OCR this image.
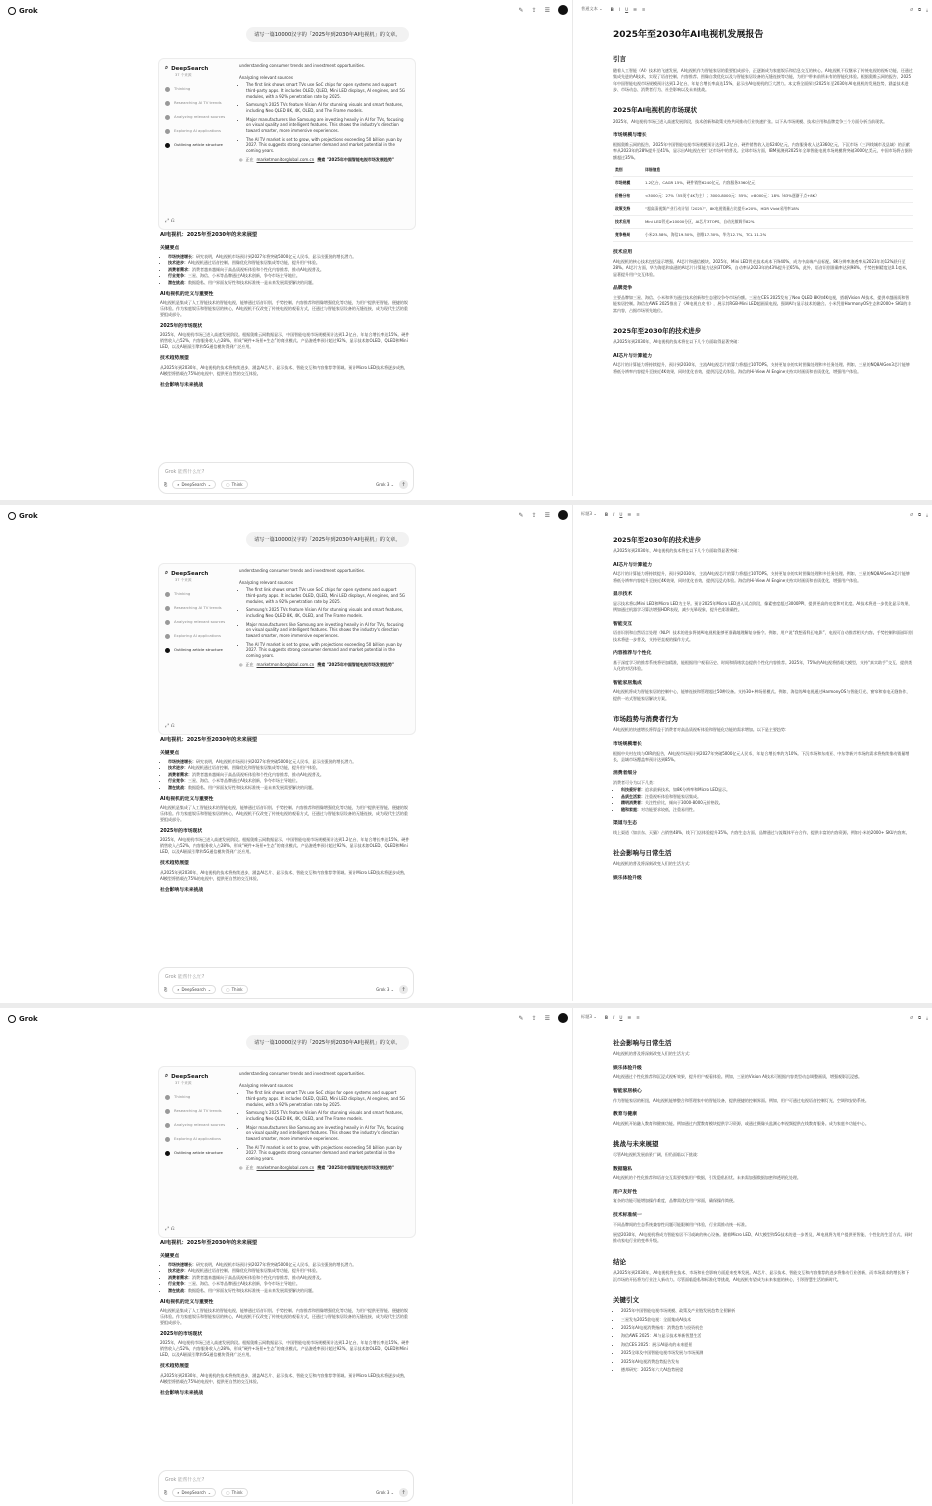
Grok	✎ ⇪ ☰
请写一篇10000汉字的「2025年到2030年AI电视机」的文章。
⌕ DeepSearch
37 个来源
Thinking
Researching AI TV trends
Analyzing relevant sources
Exploring AI applications
Outlining article structure
⤢ ⎌
understanding consumer trends and investment opportunities.
Analyzing relevant sources
• The first link shows smart TVs use SoC chips for open systems and support third-party apps. It includes OLED, QLED, Mini LED displays, AI engines, and 5G modules, with a 92% penetration rate by 2025.
• Samsung's 2025 TVs feature Vision AI for stunning visuals and smart features, including Neo QLED 8K, 4K, OLED, and The Frame models.
• Major manufacturers like Samsung are investing heavily in AI for TVs, focusing on visual quality and intelligent features. This shows the industry's direction toward smarter, more immersive experiences.
• The AI TV market is set to grow, with projections exceeding 50 billion yuan by 2027. This suggests strong consumer demand and market potential in the coming years.
◎ 正在 marketmonitorglobal.com.cn 搜索 "2025年中国智能电视市场发展趋势"
AI电视机：2025年至2030年的未来展望
关键要点
• 市场快速增长：研究表明，AI电视机市场预计到2027年将突破5000亿元人民币，显示出强劲的增长潜力。
• 技术进步：AI电视机通过语音控制、图像优化和智能家居集成等功能，提升用户体验。
• 消费者需求：消费者越来越倾向于高品质视听体验和个性化内容推荐，推动AI电视普及。
• 行业竞争：三星、海信、小米等品牌通过AI技术创新，争夺市场主导地位。
• 潜在挑战：数据隐私、用户界面友好性和技术标准统一是未来发展需要解决的问题。
AI电视机的定义与重要性

AI电视机是集成了人工智能技术的智能电视，能够通过语音识别、手势控制、内容推荐和图像增强优化等功能，为用户提供更智能、便捷的娱乐体验。作为家庭娱乐和智能家居的核心，AI电视机不仅改变了传统电视的观看方式，还通过与智能家居设备的无缝连接，成为现代生活的重要组成部分。

2025年的市场现状

2025年，AI电视机市场已进入高速发展阶段。根据奥维云网数据显示，中国智能电视市场规模预计达到1.2亿台，年复合增长率达15%。硬件销售收入占52%，内容服务收入占28%，形成“硬件+场景+生态”的商业模式。产品渗透率预计超过92%，显示技术如OLED、QLED和Mini LED，以及AI画质引擎和5G通信模块得到广泛应用。

技术趋势展望

从2025年到2030年，AI电视机的技术将持续进步，涵盖AI芯片、显示技术、智能交互和内容推荐等领域。预计Micro LED技术将逐步成熟，AI模型将搭载在75%的电视中，提供更自然的交互体验。

社会影响与未来挑战
Grok 能帮什么忙?
⎘	⌕ DeepSearch ⌄	◌ Think	Grok 3 ⌄	↑
普通文本 ⌄	B I U ☰ ≡	↺ ⧉ ⤓
2025年至2030年AI电视机发展报告
引言

随着人工智能（AI）技术的飞速发展，AI电视机作为智能家居的重要组成部分，正逐渐成为家庭娱乐和信息交互的核心。AI电视机不仅继承了传统电视的视听功能，还通过集成先进的AI技术，实现了语音控制、内容推荐、图像自我优化以及与智能家居设备的无缝连接等功能，为用户带来前所未有的智能化体验。根据奥维云网的报告，2025年中国智能电视市场规模预计达到1.2亿台，年复合增长率高达15%，显示出AI电视机的巨大潜力。本文将全面探讨2025年至2030年AI电视机的发展趋势，涵盖技术进步、市场动态、消费者行为、社会影响以及未来挑战。

2025年AI电视机的市场现状

2025年，AI电视机市场已进入高速发展阶段，技术创新和政策支持共同推动行业快速扩张。以下从市场规模、技术应用和品牌竞争三个方面分析当前现状。

市场规模与增长

根据奥维云网的报告，2025年中国智能电视市场规模预计达到1.2亿台，硬件销售收入达6240亿元，内容服务收入达3360亿元，下沉市场（三四线城市及县域）的贡献率从2023年的28%提升至41%，显示出AI电视在更广泛市场中的普及。全球市场方面，IBM预测到2025年全球智能电视市场规模将突破3000亿美元，中国市场将占据份额超过35%。

类别	详细信息
市场规模	1.2亿台，CAGR 15%，硬件销售6240亿元，内容服务3360亿元
价格分布	<3000元：27%（55英寸4K为主）；3000-8000元：55%；>8000元：18%（63%逐渐于点+8K）
政策支持	“超高清视频产业行动计划（2025）”，8K电视销量占比提升≥20%，HDR Vivid采用率18%
技术应用	Mini LED背光≥10000分区，AI芯片3TOPS，自动光敏调节82%
竞争格局	小米23.58%，海信19.50%，创维17.30%，华为12.7%，TCL 11.2%
技术应用

AI电视机的核心技术包括显示增强、AI芯片和通信模块。2025年，Mini LED背光技术成本下降40%，成为中高端产品标配。8K分辨率渗透率从2023年的12%跃升至28%。AI芯片方面，华为海思和高通的AI芯片计算能力达到3TOPS，自动率从2023年的43%提升至65%。此外，语音识别准确率达到98%，手势控制精度达0.1毫米，显著提升用户交互体验。

品牌竞争

主要品牌如三星、海信、小米和华为通过技术创新和生态建设争夺市场份额。三星在CES 2025发布了Neo QLED 8K和4K电视，搭载Vision AI技术，提供卓越画质和智能家居控制。海信在AWE 2025推出了《AI电视白皮书》，展示其RGB-Mini LED超画质电视。强调AI与显示技术的融合。小米凭借HarmonyOS生态和2000+ SKU的丰富内容，占据市场领先地位。

2025年至2030年的技术进步

从2025年到2030年，AI电视机的技术将在以下几个方面取得显著突破：

AI芯片与计算能力

AI芯片的计算能力将持续提升，预计到2030年，主流AI电视芯片的算力将超过10TOPS。支持更复杂的实时图像处理和多任务处理。例如，三星的NQ8AIGen3芯片能够将低分辨率内容提升至接近4K效果，同时优化音效，提供沉浸式体验。海信的Hi-View AI Engine支持实时画质和音质优化，增强用户体验。

Grok	✎ ⇪ ☰
请写一篇10000汉字的「2025年到2030年AI电视机」的文章。
⌕ DeepSearch
37 个来源
Thinking
Researching AI TV trends
Analyzing relevant sources
Exploring AI applications
Outlining article structure
⤢ ⎌
understanding consumer trends and investment opportunities.
Analyzing relevant sources
• The first link shows smart TVs use SoC chips for open systems and support third-party apps. It includes OLED, QLED, Mini LED displays, AI engines, and 5G modules, with a 92% penetration rate by 2025.
• Samsung's 2025 TVs feature Vision AI for stunning visuals and smart features, including Neo QLED 8K, 4K, OLED, and The Frame models.
• Major manufacturers like Samsung are investing heavily in AI for TVs, focusing on visual quality and intelligent features. This shows the industry's direction toward smarter, more immersive experiences.
• The AI TV market is set to grow, with projections exceeding 50 billion yuan by 2027. This suggests strong consumer demand and market potential in the coming years.
◎ 正在 marketmonitorglobal.com.cn 搜索 "2025年中国智能电视市场发展趋势"
AI电视机：2025年至2030年的未来展望
关键要点
• 市场快速增长：研究表明，AI电视机市场预计到2027年将突破5000亿元人民币，显示出强劲的增长潜力。
• 技术进步：AI电视机通过语音控制、图像优化和智能家居集成等功能，提升用户体验。
• 消费者需求：消费者越来越倾向于高品质视听体验和个性化内容推荐，推动AI电视普及。
• 行业竞争：三星、海信、小米等品牌通过AI技术创新，争夺市场主导地位。
• 潜在挑战：数据隐私、用户界面友好性和技术标准统一是未来发展需要解决的问题。
AI电视机的定义与重要性

AI电视机是集成了人工智能技术的智能电视，能够通过语音识别、手势控制、内容推荐和图像增强优化等功能，为用户提供更智能、便捷的娱乐体验。作为家庭娱乐和智能家居的核心，AI电视机不仅改变了传统电视的观看方式，还通过与智能家居设备的无缝连接，成为现代生活的重要组成部分。

2025年的市场现状

2025年，AI电视机市场已进入高速发展阶段。根据奥维云网数据显示，中国智能电视市场规模预计达到1.2亿台，年复合增长率达15%。硬件销售收入占52%，内容服务收入占28%，形成“硬件+场景+生态”的商业模式。产品渗透率预计超过92%，显示技术如OLED、QLED和Mini LED，以及AI画质引擎和5G通信模块得到广泛应用。

技术趋势展望

从2025年到2030年，AI电视机的技术将持续进步，涵盖AI芯片、显示技术、智能交互和内容推荐等领域。预计Micro LED技术将逐步成熟，AI模型将搭载在75%的电视中，提供更自然的交互体验。

社会影响与未来挑战
Grok 能帮什么忙?
⎘	⌕ DeepSearch ⌄	◌ Think	Grok 3 ⌄	↑
标题3 ⌄	B I U ☰ ≡	↺ ⧉ ⤓
2025年至2030年的技术进步

从2025年到2030年，AI电视机的技术将在以下几个方面取得显著突破：

AI芯片与计算能力

AI芯片的计算能力将持续提升，预计到2030年，主流AI电视芯片的算力将超过10TOPS。支持更复杂的实时图像处理和多任务处理。例如，三星的NQ8AIGen3芯片能够将低分辨率内容提升至接近4K效果，同时优化音效，提供沉浸式体验。海信的Hi-View AI Engine支持实时画质和音质优化，增强用户体验。

显示技术

显示技术将以Mini LED和Micro LED为主导。预计2025年Micro LED进入试点阶段，像素密度超过3000PPI，提供更高的亮度和对比度。AI技术将进一步优化显示效果，例如通过机器学习算法增强HDR表现，减少光晕现象，提升色彩准确性。

智能交互

语音识别和自然语言处理（NLP）技术的进步将使AI电视机能够更准确地理解复杂指令。例如，用户说“我想看科幻电影”，电视可自动推荐相关内容。手势控制和面部识别技术将进一步普及，支持更直观的操作方式。

内容推荐与个性化

基于深度学习的推荐系统将更加精准，能根据用户观看历史、时间和情绪状态提供个性化内容推荐。2025年，75%的AI电视将搭载大模型，支持“真实助手”交互，提供类人化的对话体验。

智能家居集成

AI电视机将成为智能家居的控制中心，能够连接和管理超过50种设备。支持30+种场景模式。例如，海信的AI电视通过HarmonyOS与智能灯光、窗帘和家电无缝协作，提供一站式智能家居解决方案。

市场趋势与消费者行为

AI电视机的快速增长将得益于消费者对高品质视听体验和智能化功能的需求增加。以下是主要趋势：

市场规模增长

根据中关村在线与OIR的报告，AI电视市场预计到2027年突破5000亿元人民币，年复合增长率约为10%。下沉市场和东南亚、中东等新兴市场的需求将持续推动销量增长，县域市场覆盖率预计达到85%。

消费者细分

消费者可分为以下几类：

• 科技爱好者：追求最新技术，如8K分辨率和Micro LED显示。
• 品质生活家：注重视听体验和智能家居集成。
• 精明消费者：关注性价比，倾向于3000-8000元价格段。
• 随和家庭：对功能要求较低，注重易用性。
渠道与生态

线上渠道（如京东、天猫）占销售48%，线下门店体验提升35%。内容生态方面，品牌通过与流媒体平台合作，提供丰富的内容资源。例如小米的2000+ SKU内容库。

社会影响与日常生活

AI电视机的普及将深刻改变人们的生活方式：

娱乐体验升级
Grok	✎ ⇪ ☰
请写一篇10000汉字的「2025年到2030年AI电视机」的文章。
⌕ DeepSearch
37 个来源
Thinking
Researching AI TV trends
Analyzing relevant sources
Exploring AI applications
Outlining article structure
⤢ ⎌
understanding consumer trends and investment opportunities.
Analyzing relevant sources
• The first link shows smart TVs use SoC chips for open systems and support third-party apps. It includes OLED, QLED, Mini LED displays, AI engines, and 5G modules, with a 92% penetration rate by 2025.
• Samsung's 2025 TVs feature Vision AI for stunning visuals and smart features, including Neo QLED 8K, 4K, OLED, and The Frame models.
• Major manufacturers like Samsung are investing heavily in AI for TVs, focusing on visual quality and intelligent features. This shows the industry's direction toward smarter, more immersive experiences.
• The AI TV market is set to grow, with projections exceeding 50 billion yuan by 2027. This suggests strong consumer demand and market potential in the coming years.
◎ 正在 marketmonitorglobal.com.cn 搜索 "2025年中国智能电视市场发展趋势"
AI电视机：2025年至2030年的未来展望
关键要点
• 市场快速增长：研究表明，AI电视机市场预计到2027年将突破5000亿元人民币，显示出强劲的增长潜力。
• 技术进步：AI电视机通过语音控制、图像优化和智能家居集成等功能，提升用户体验。
• 消费者需求：消费者越来越倾向于高品质视听体验和个性化内容推荐，推动AI电视普及。
• 行业竞争：三星、海信、小米等品牌通过AI技术创新，争夺市场主导地位。
• 潜在挑战：数据隐私、用户界面友好性和技术标准统一是未来发展需要解决的问题。
AI电视机的定义与重要性

AI电视机是集成了人工智能技术的智能电视，能够通过语音识别、手势控制、内容推荐和图像增强优化等功能，为用户提供更智能、便捷的娱乐体验。作为家庭娱乐和智能家居的核心，AI电视机不仅改变了传统电视的观看方式，还通过与智能家居设备的无缝连接，成为现代生活的重要组成部分。

2025年的市场现状

2025年，AI电视机市场已进入高速发展阶段。根据奥维云网数据显示，中国智能电视市场规模预计达到1.2亿台，年复合增长率达15%。硬件销售收入占52%，内容服务收入占28%，形成“硬件+场景+生态”的商业模式。产品渗透率预计超过92%，显示技术如OLED、QLED和Mini LED，以及AI画质引擎和5G通信模块得到广泛应用。

技术趋势展望

从2025年到2030年，AI电视机的技术将持续进步，涵盖AI芯片、显示技术、智能交互和内容推荐等领域。预计Micro LED技术将逐步成熟，AI模型将搭载在75%的电视中，提供更自然的交互体验。

社会影响与未来挑战
Grok 能帮什么忙?
⎘	⌕ DeepSearch ⌄	◌ Think	Grok 3 ⌄	↑
标题3 ⌄	B I U ☰ ≡	↺ ⧉ ⤓
社会影响与日常生活

AI电视机的普及将深刻改变人们的生活方式：

娱乐体验升级

AI电视通过个性化推荐和沉浸式视听效果，提升用户观看体验。例如，三星的Vision AI技术可根据内容类型动态调整画质，增强观影沉浸感。

智能家居核心

作为智能家居的枢纽，AI电视机能够整合和管理家中的智能设备，提供便捷的控制界面。例如，用户可通过电视语音控制灯光、空调和安防系统。

教育与健康

AI电视机开始融入教育和健康功能。例如通过内置教育模块提供学习资源，或通过摄像头监测心率视频提供在线教育服务。成为家庭多功能中心。

挑战与未来展望

尽管AI电视机发展前景广阔，但仍面临以下挑战：

数据隐私

AI电视机的个性化推荐和语音交互需要收集用户数据，引发隐私担忧。未来需加强数据加密和透明化处理。

用户友好性

复杂的功能可能增加操作难度，品牌需优化用户界面，确保操作简便。

技术标准统一

不同品牌间的生态系统兼容性问题可能限制用户体验，行业需推动统一标准。

展望2030年，AI电视机将成为智能家居不可或缺的核心设备。随着Micro LED、AI大模型和5G技术的进一步普及，AI电视将为用户提供更智能、个性化的生活方式，同时推动家电行业的变革升级。

结论

从2025年到2030年，AI电视机将在技术、市场和社会影响方面迎来变革发展。AI芯片、显示技术、智能交互和内容推荐的进步将推动行业创新，而市场需求的增长和下沉市场的开拓将为行业注入新动力。尽管面临隐私和标准化等挑战，AI电视机有望成为未来家庭的核心，引领智慧生活的新时代。

关键引文
• 2025年中国智能电视市场规模、政策及产业链发展趋势全景解析
• 三星发布2025款电视：全面集成AI技术
• 2025年AI电视消费指南：消费趋势与投资机会
• 海信AWE 2025：AI与显示技术革新智慧生活
• 海信CES 2025：展示AI驱动的未来愿景
• 2025全球及中国智能电视市场发展与市场预测
• 2025年AI电视消费趋势报告发布
• 德邦研究：2025年六大AI趋势展望
